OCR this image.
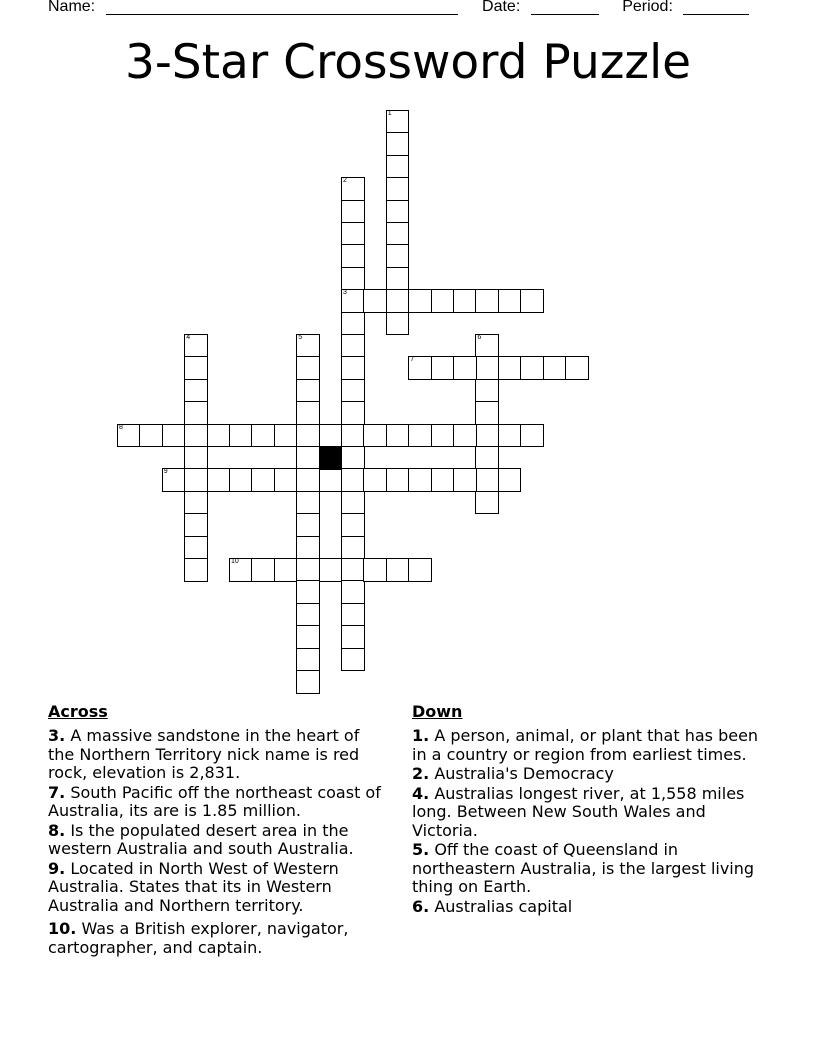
Name:	Date:	Period:
3-Star Crossword Puzzle
1
2
3
4	5	6
7
8
9
10
Across
3. A massive sandstone in the heart of the Northern Territory nick name is red rock, elevation is 2,831.
7. South Pacific off the northeast coast of Australia, its are is 1.85 million.
8. Is the populated desert area in the western Australia and south Australia.
9. Located in North West of Western Australia. States that its in Western Australia and Northern territory.
10. Was a British explorer, navigator, cartographer, and captain.
Down
1. A person, animal, or plant that has been in a country or region from earliest times.
2. Australia's Democracy
4. Australias longest river, at 1,558 miles long. Between New South Wales and Victoria.
5. Off the coast of Queensland in northeastern Australia, is the largest living thing on Earth.
6. Australias capital
